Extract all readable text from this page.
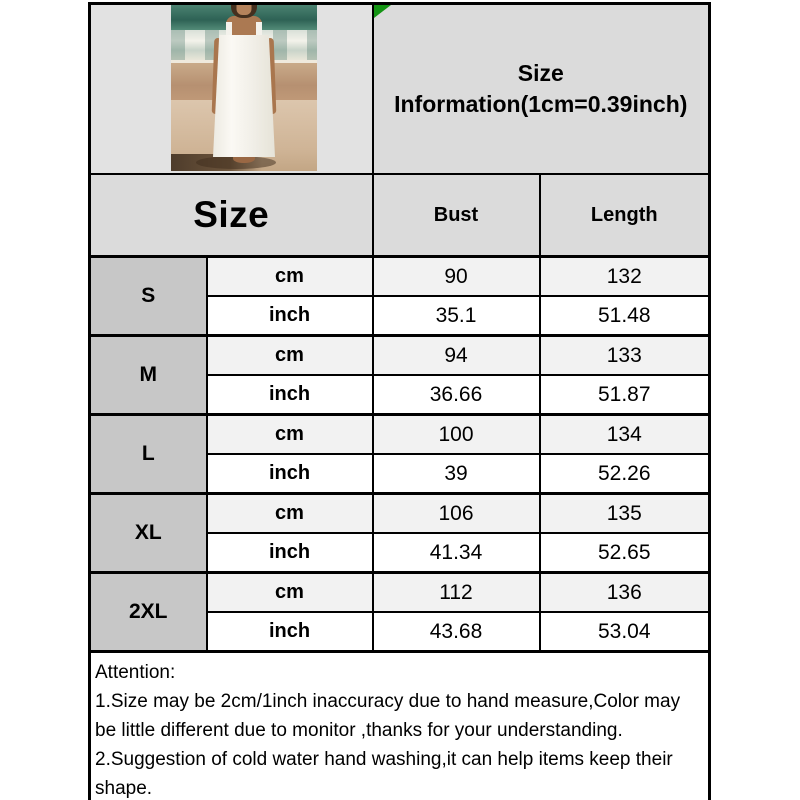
		Size
Information(1cm=0.39inch)	

Size		Bust	Length
S	cm	90	132
	inch	35.1	51.48
M	cm	94	133
	inch	36.66	51.87
L	cm	100	134
	inch	39	52.26
XL	cm	106	135
	inch	41.34	52.65
2XL	cm	112	136
	inch	43.68	53.04

Attention:
1.Size may be 2cm/1inch inaccuracy due to hand measure,Color may be little different due to monitor ,thanks for your understanding.
2.Suggestion of cold water hand washing,it can help items keep their shape.			
